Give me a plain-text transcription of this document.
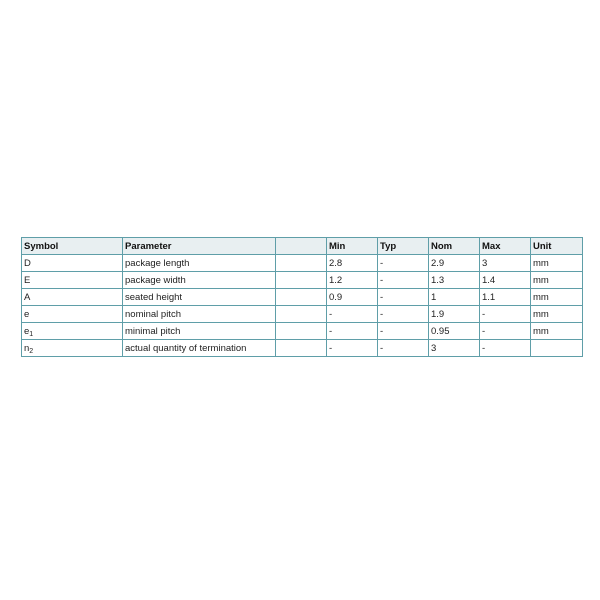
Symbol	Parameter		Min	Typ	Nom	Max	Unit
D	package length		2.8	-	2.9	3	mm
E	package width		1.2	-	1.3	1.4	mm
A	seated height		0.9	-	1	1.1	mm
e	nominal pitch		-	-	1.9	-	mm
$e_1$	minimal pitch		-	-	0.95	-	mm
$n_2$	actual quantity of termination		-	-	3	-	
